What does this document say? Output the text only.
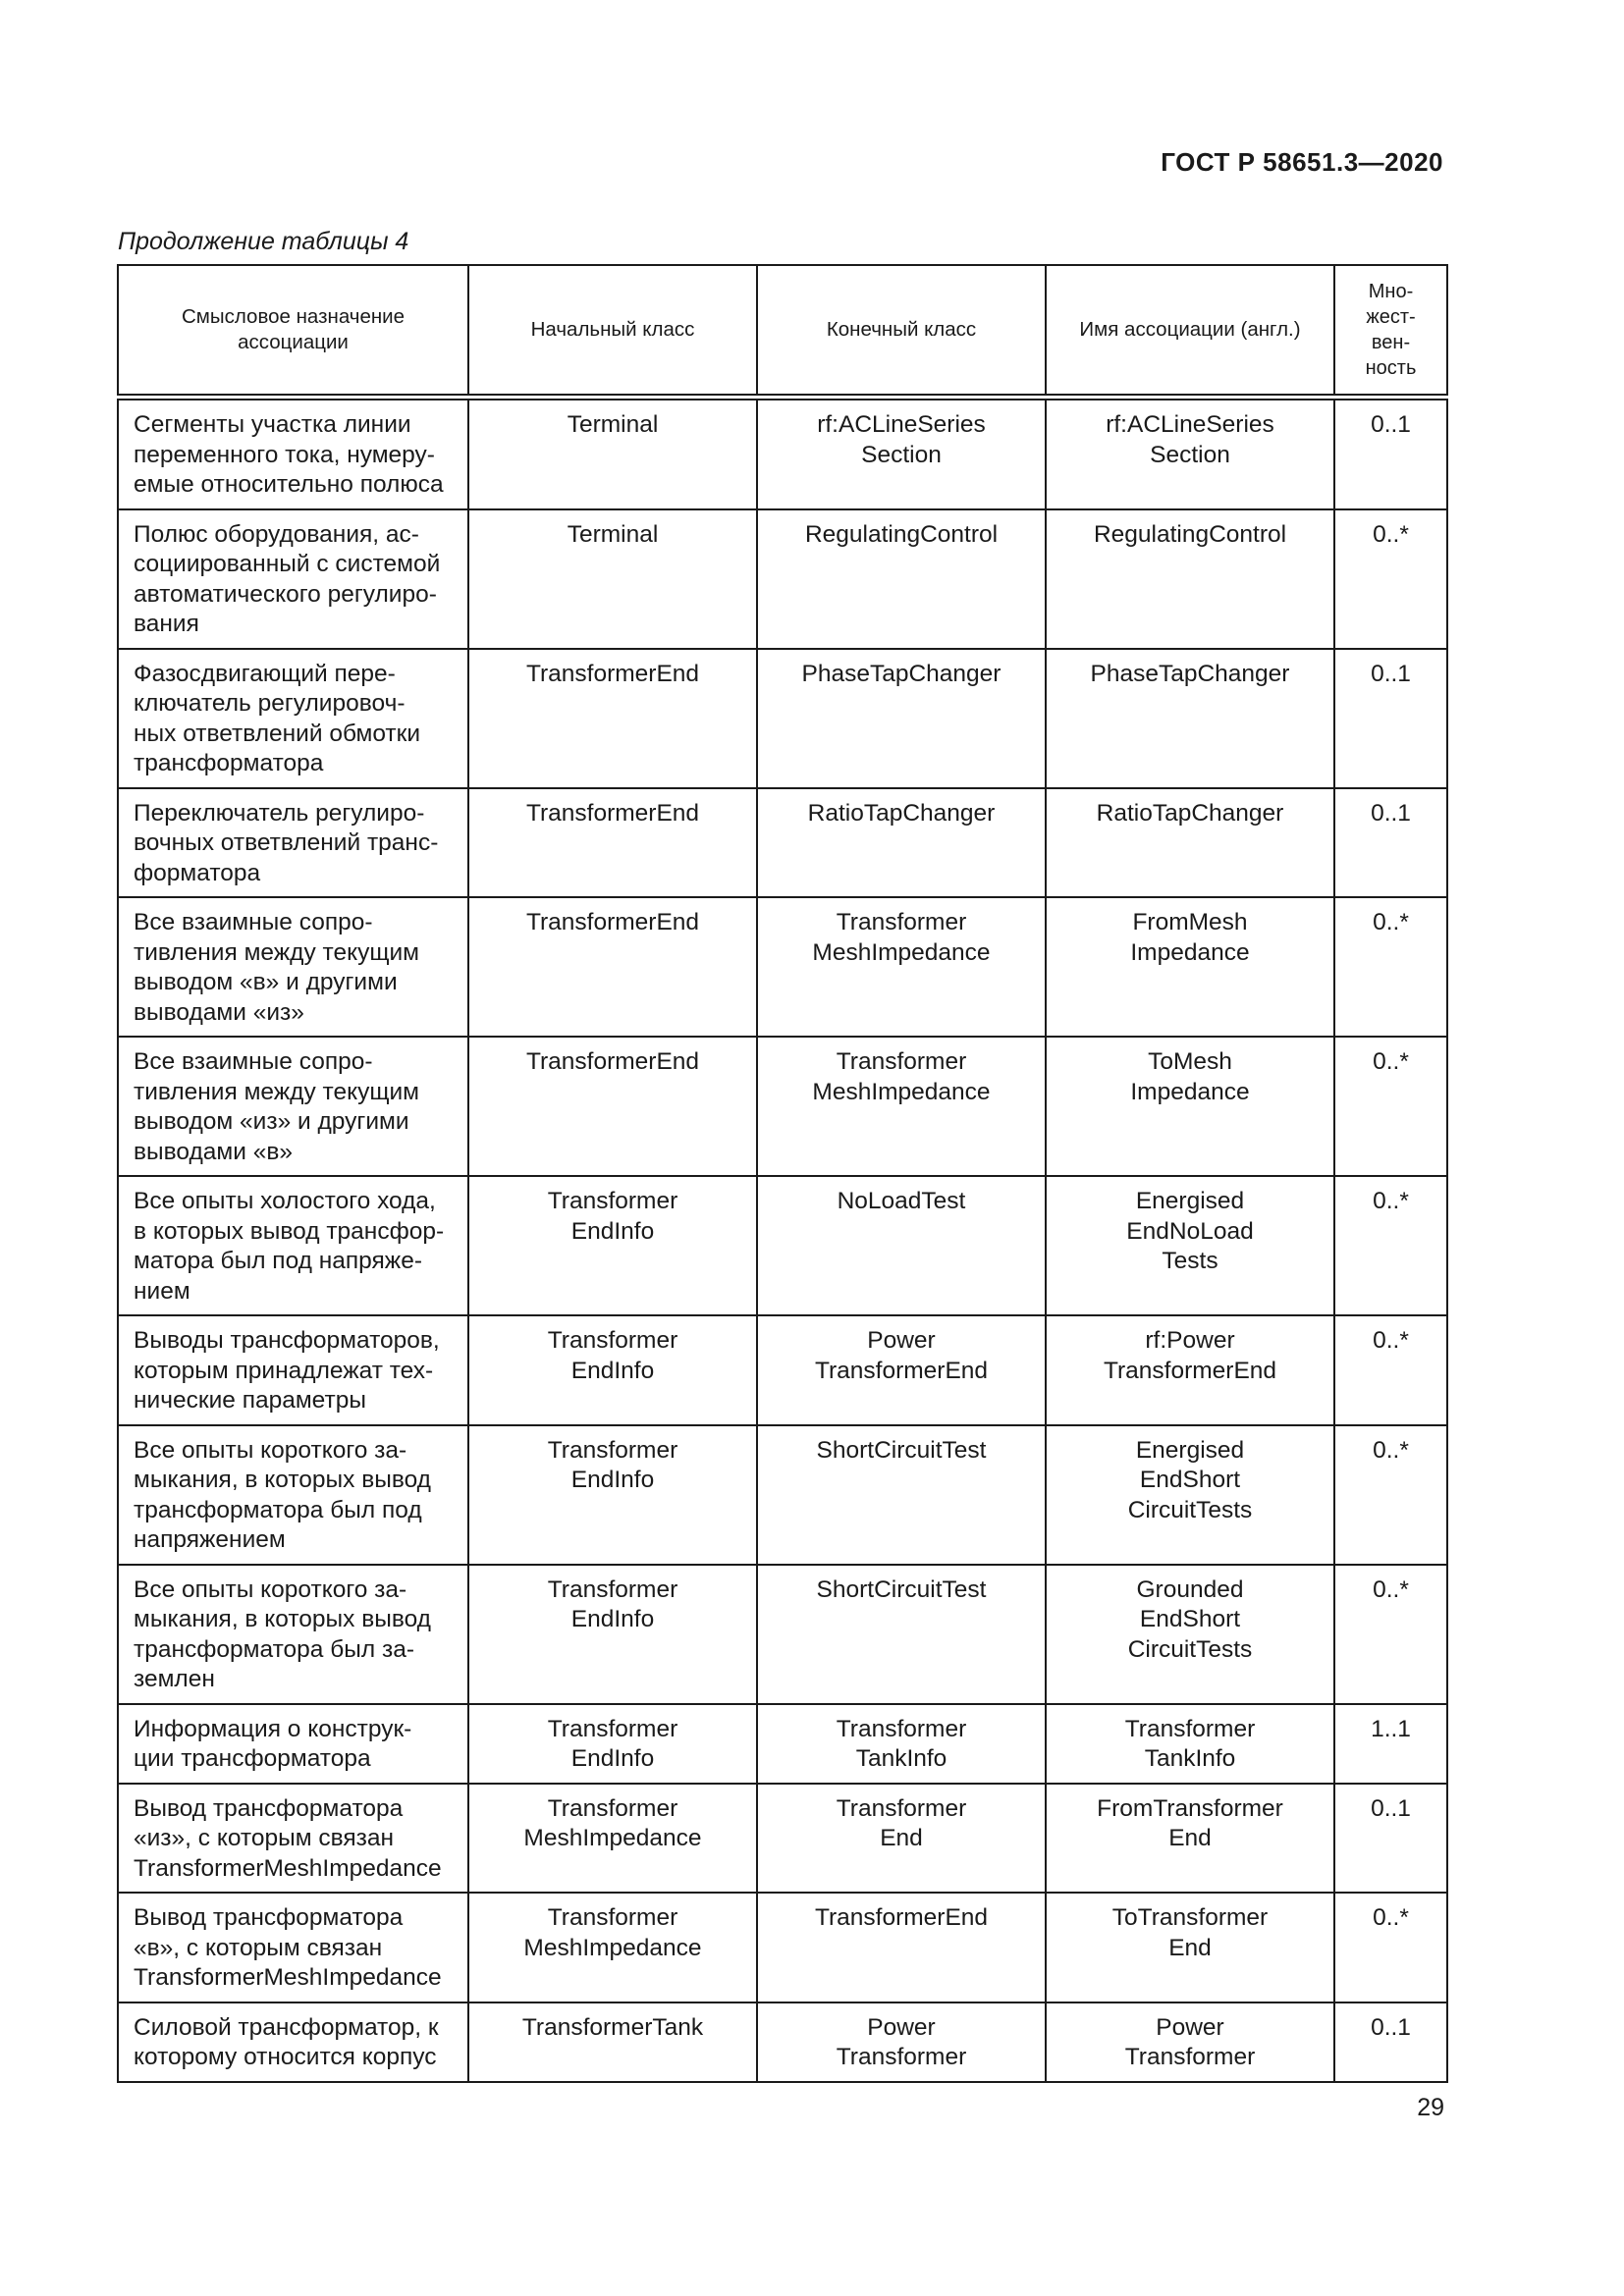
ГОСТ Р 58651.3—2020
Продолжение таблицы 4
Смысловое назначение
ассоциации	Начальный класс	Конечный класс	Имя ассоциации (англ.)	Мно-
жест-
вен-
ность

Сегменты участка линии
переменного тока, нумеру-
емые относительно полюса	Terminal	rf:ACLineSeries
Section	rf:ACLineSeries
Section	0..1

Полюс оборудования, ас-
социированный с системой
автоматического регулиро-
вания	Terminal	RegulatingControl	RegulatingControl	0..*

Фазосдвигающий пере-
ключатель регулировоч-
ных ответвлений обмотки
трансформатора	TransformerEnd	PhaseTapChanger	PhaseTapChanger	0..1

Переключатель регулиро-
вочных ответвлений транс-
форматора	TransformerEnd	RatioTapChanger	RatioTapChanger	0..1

Все взаимные сопро-
тивления между текущим
выводом «в» и другими
выводами «из»	TransformerEnd	Transformer
MeshImpedance	FromMesh
Impedance	0..*

Все взаимные сопро-
тивления между текущим
выводом «из» и другими
выводами «в»	TransformerEnd	Transformer
MeshImpedance	ToMesh
Impedance	0..*

Все опыты холостого хода,
в которых вывод трансфор-
матора был под напряже-
нием	Transformer
EndInfo	NoLoadTest	Energised
EndNoLoad
Tests	0..*

Выводы трансформаторов,
которым принадлежат тех-
нические параметры	Transformer
EndInfo	Power
TransformerEnd	rf:Power
TransformerEnd	0..*

Все опыты короткого за-
мыкания, в которых вывод
трансформатора был под
напряжением	Transformer
EndInfo	ShortCircuitTest	Energised
EndShort
CircuitTests	0..*

Все опыты короткого за-
мыкания, в которых вывод
трансформатора был за-
землен	Transformer
EndInfo	ShortCircuitTest	Grounded
EndShort
CircuitTests	0..*

Информация о конструк-
ции трансформатора	Transformer
EndInfo	Transformer
TankInfo	Transformer
TankInfo	1..1

Вывод трансформатора
«из», с которым связан
TransformerMeshImpedance	Transformer
MeshImpedance	Transformer
End	FromTransformer
End	0..1

Вывод трансформатора
«в», с которым связан
TransformerMeshImpedance	Transformer
MeshImpedance	TransformerEnd	ToTransformer
End	0..*

Силовой трансформатор, к
которому относится корпус	TransformerTank	Power
Transformer	Power
Transformer	0..1
29
